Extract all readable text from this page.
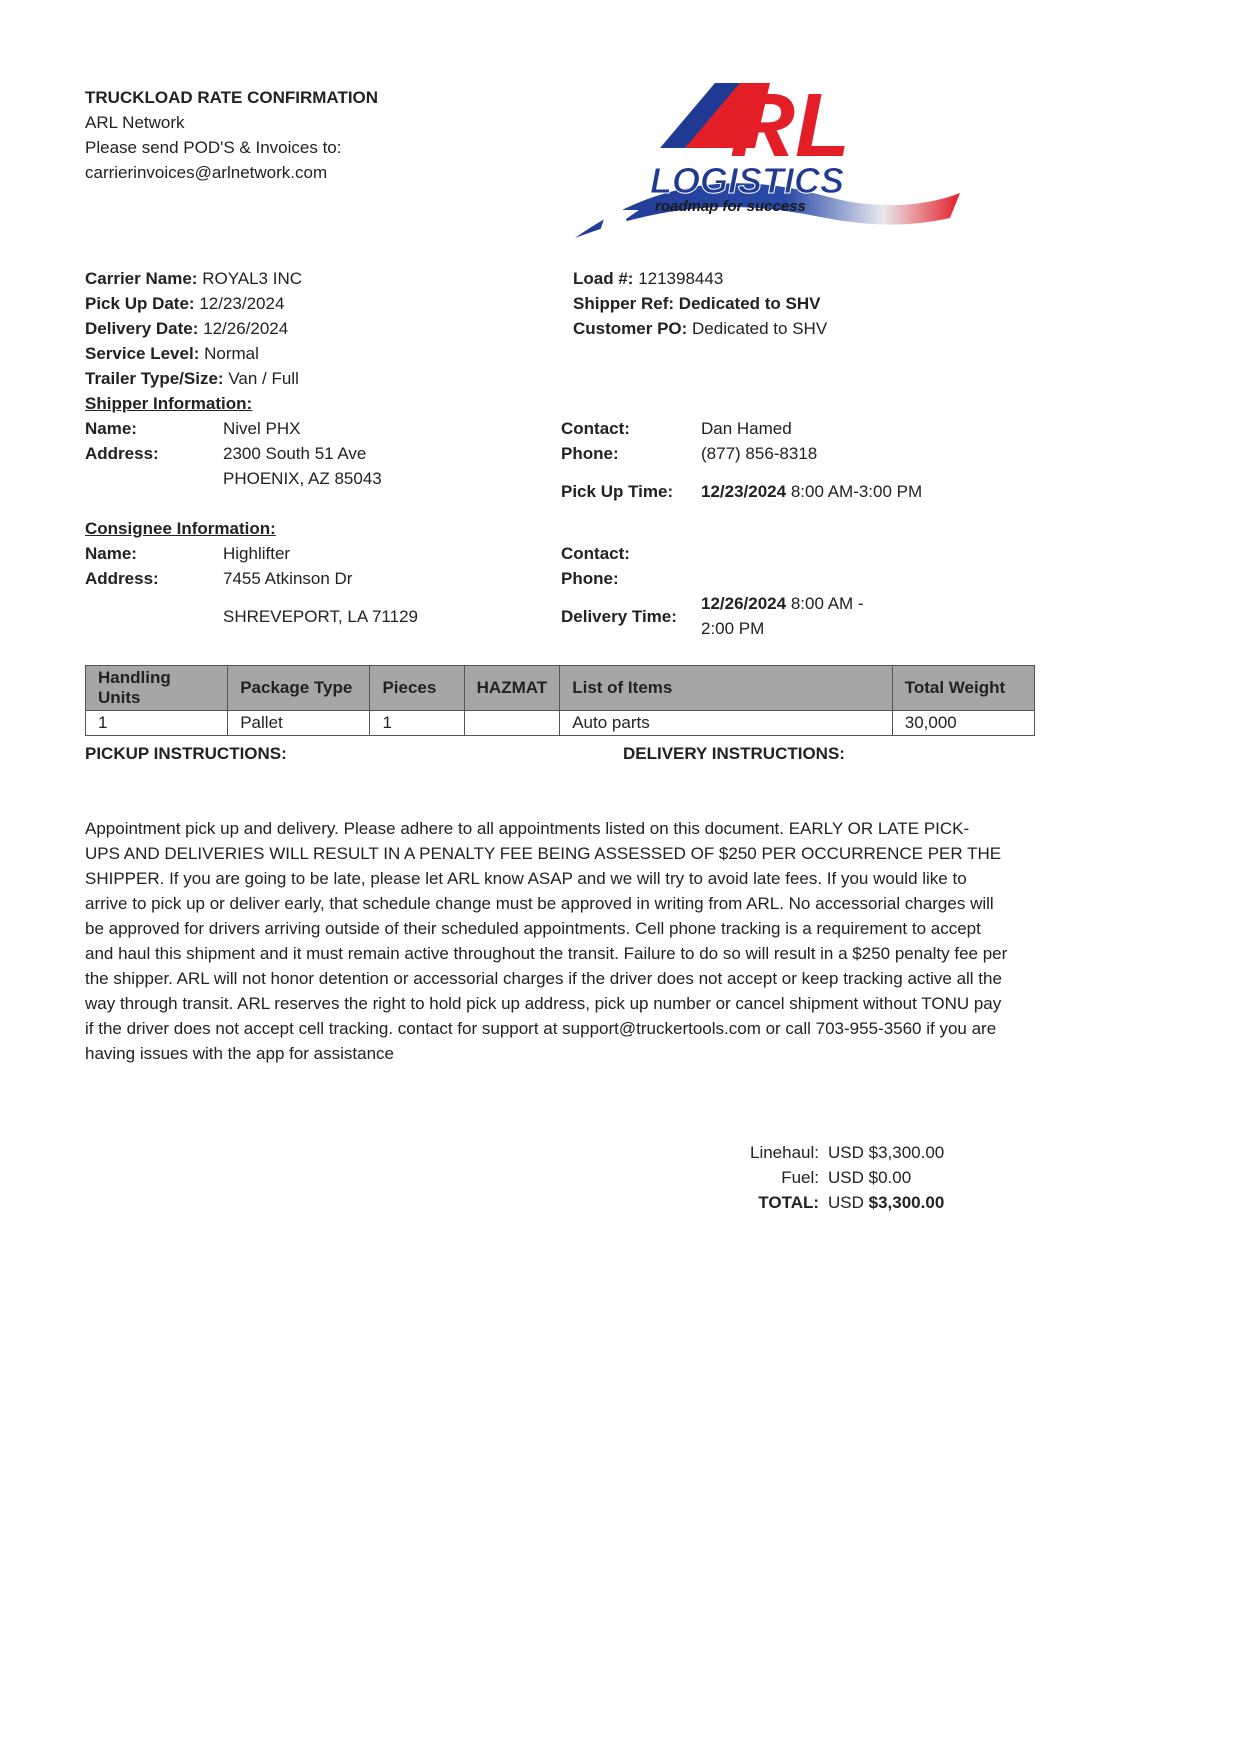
TRUCKLOAD RATE CONFIRMATION
ARL Network
Please send POD'S & Invoices to:
carrierinvoices@arlnetwork.com	RL
LOGISTICS
roadmap for success
Carrier Name: ROYAL3 INC
Pick Up Date: 12/23/2024
Delivery Date: 12/26/2024
Service Level: Normal
Trailer Type/Size: Van / Full
Load #: 121398443
Shipper Ref: Dedicated to SHV
Customer PO: Dedicated to SHV
Shipper Information:
Name:	Nivel PHX
Address:	2300 South 51 Ave
PHOENIX, AZ 85043
Contact:	Dan Hamed
Phone:	(877) 856-8318
Pick Up Time: 12/23/2024 8:00 AM-3:00 PM
Consignee Information:
Name:	Highlifter
Address:	7455 Atkinson Dr
SHREVEPORT, LA 71129
Contact:
Phone:
Delivery Time:
12/26/2024 8:00 AM -
2:00 PM
Handling Units	Package Type	Pieces	HAZMAT	List of Items	Total Weight
1	Pallet	1		Auto parts	30,000
PICKUP INSTRUCTIONS:	DELIVERY INSTRUCTIONS:
Appointment pick up and delivery. Please adhere to all appointments listed on this document. EARLY OR LATE PICK-
UPS AND DELIVERIES WILL RESULT IN A PENALTY FEE BEING ASSESSED OF $250 PER OCCURRENCE PER THE
SHIPPER. If you are going to be late, please let ARL know ASAP and we will try to avoid late fees. If you would like to
arrive to pick up or deliver early, that schedule change must be approved in writing from ARL. No accessorial charges will
be approved for drivers arriving outside of their scheduled appointments. Cell phone tracking is a requirement to accept
and haul this shipment and it must remain active throughout the transit. Failure to do so will result in a $250 penalty fee per
the shipper. ARL will not honor detention or accessorial charges if the driver does not accept or keep tracking active all the
way through transit. ARL reserves the right to hold pick up address, pick up number or cancel shipment without TONU pay
if the driver does not accept cell tracking. contact for support at support@truckertools.com or call 703-955-3560 if you are
having issues with the app for assistance
Linehaul:	USD $3,300.00
Fuel:	USD $0.00
TOTAL:	USD $3,300.00
